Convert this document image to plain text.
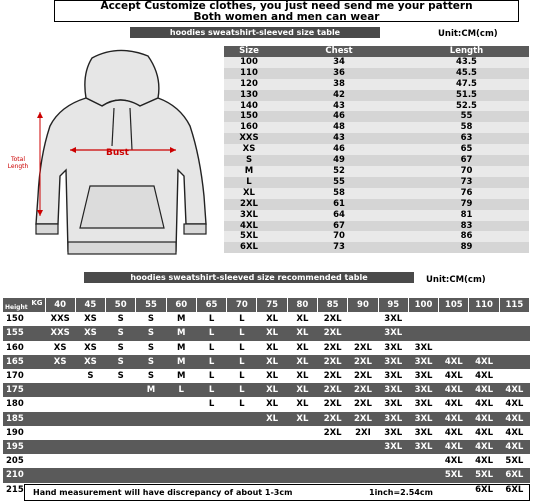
Accept Customize clothes, you just need send me your pattern
Both women and men can wear
hoodies sweatshirt-sleeved size table	Unit:CM(cm)
Bust
Total Length
Size	Chest	Length
100	34	43.5
110	36	45.5
120	38	47.5
130	42	51.5
140	43	52.5
150	46	55
160	48	58
XXS	43	63
XS	46	65
S	49	67
M	52	70
L	55	73
XL	58	76
2XL	61	79
3XL	64	81
4XL	67	83
5XL	70	86
6XL	73	89
hoodies sweatshirt-sleeved size recommended table	Unit:CM(cm)
KG
Height	40	45	50	55	60	65	70	75	80	85	90	95	100	105	110	115
150	XXS	XS	S	S	M	L	L	XL	XL	2XL		3XL				
155	XXS	XS	S	S	M	L	L	XL	XL	2XL		3XL				
160	XS	XS	S	S	M	L	L	XL	XL	2XL	2XL	3XL	3XL			
165	XS	XS	S	S	M	L	L	XL	XL	2XL	2XL	3XL	3XL	4XL	4XL	
170		S	S	S	M	L	L	XL	XL	2XL	2XL	3XL	3XL	4XL	4XL	
175				M	L	L	L	XL	XL	2XL	2XL	3XL	3XL	4XL	4XL	4XL
180						L	L	XL	XL	2XL	2XL	3XL	3XL	4XL	4XL	4XL
185								XL	XL	2XL	2XL	3XL	3XL	4XL	4XL	4XL
190										2XL	2XI	3XL	3XL	4XL	4XL	4XL
195												3XL	3XL	4XL	4XL	4XL
205														4XL	4XL	5XL
210														5XL	5XL	6XL
215															6XL	6XL
Hand measurement will have discrepancy of about 1-3cm	1inch=2.54cm
